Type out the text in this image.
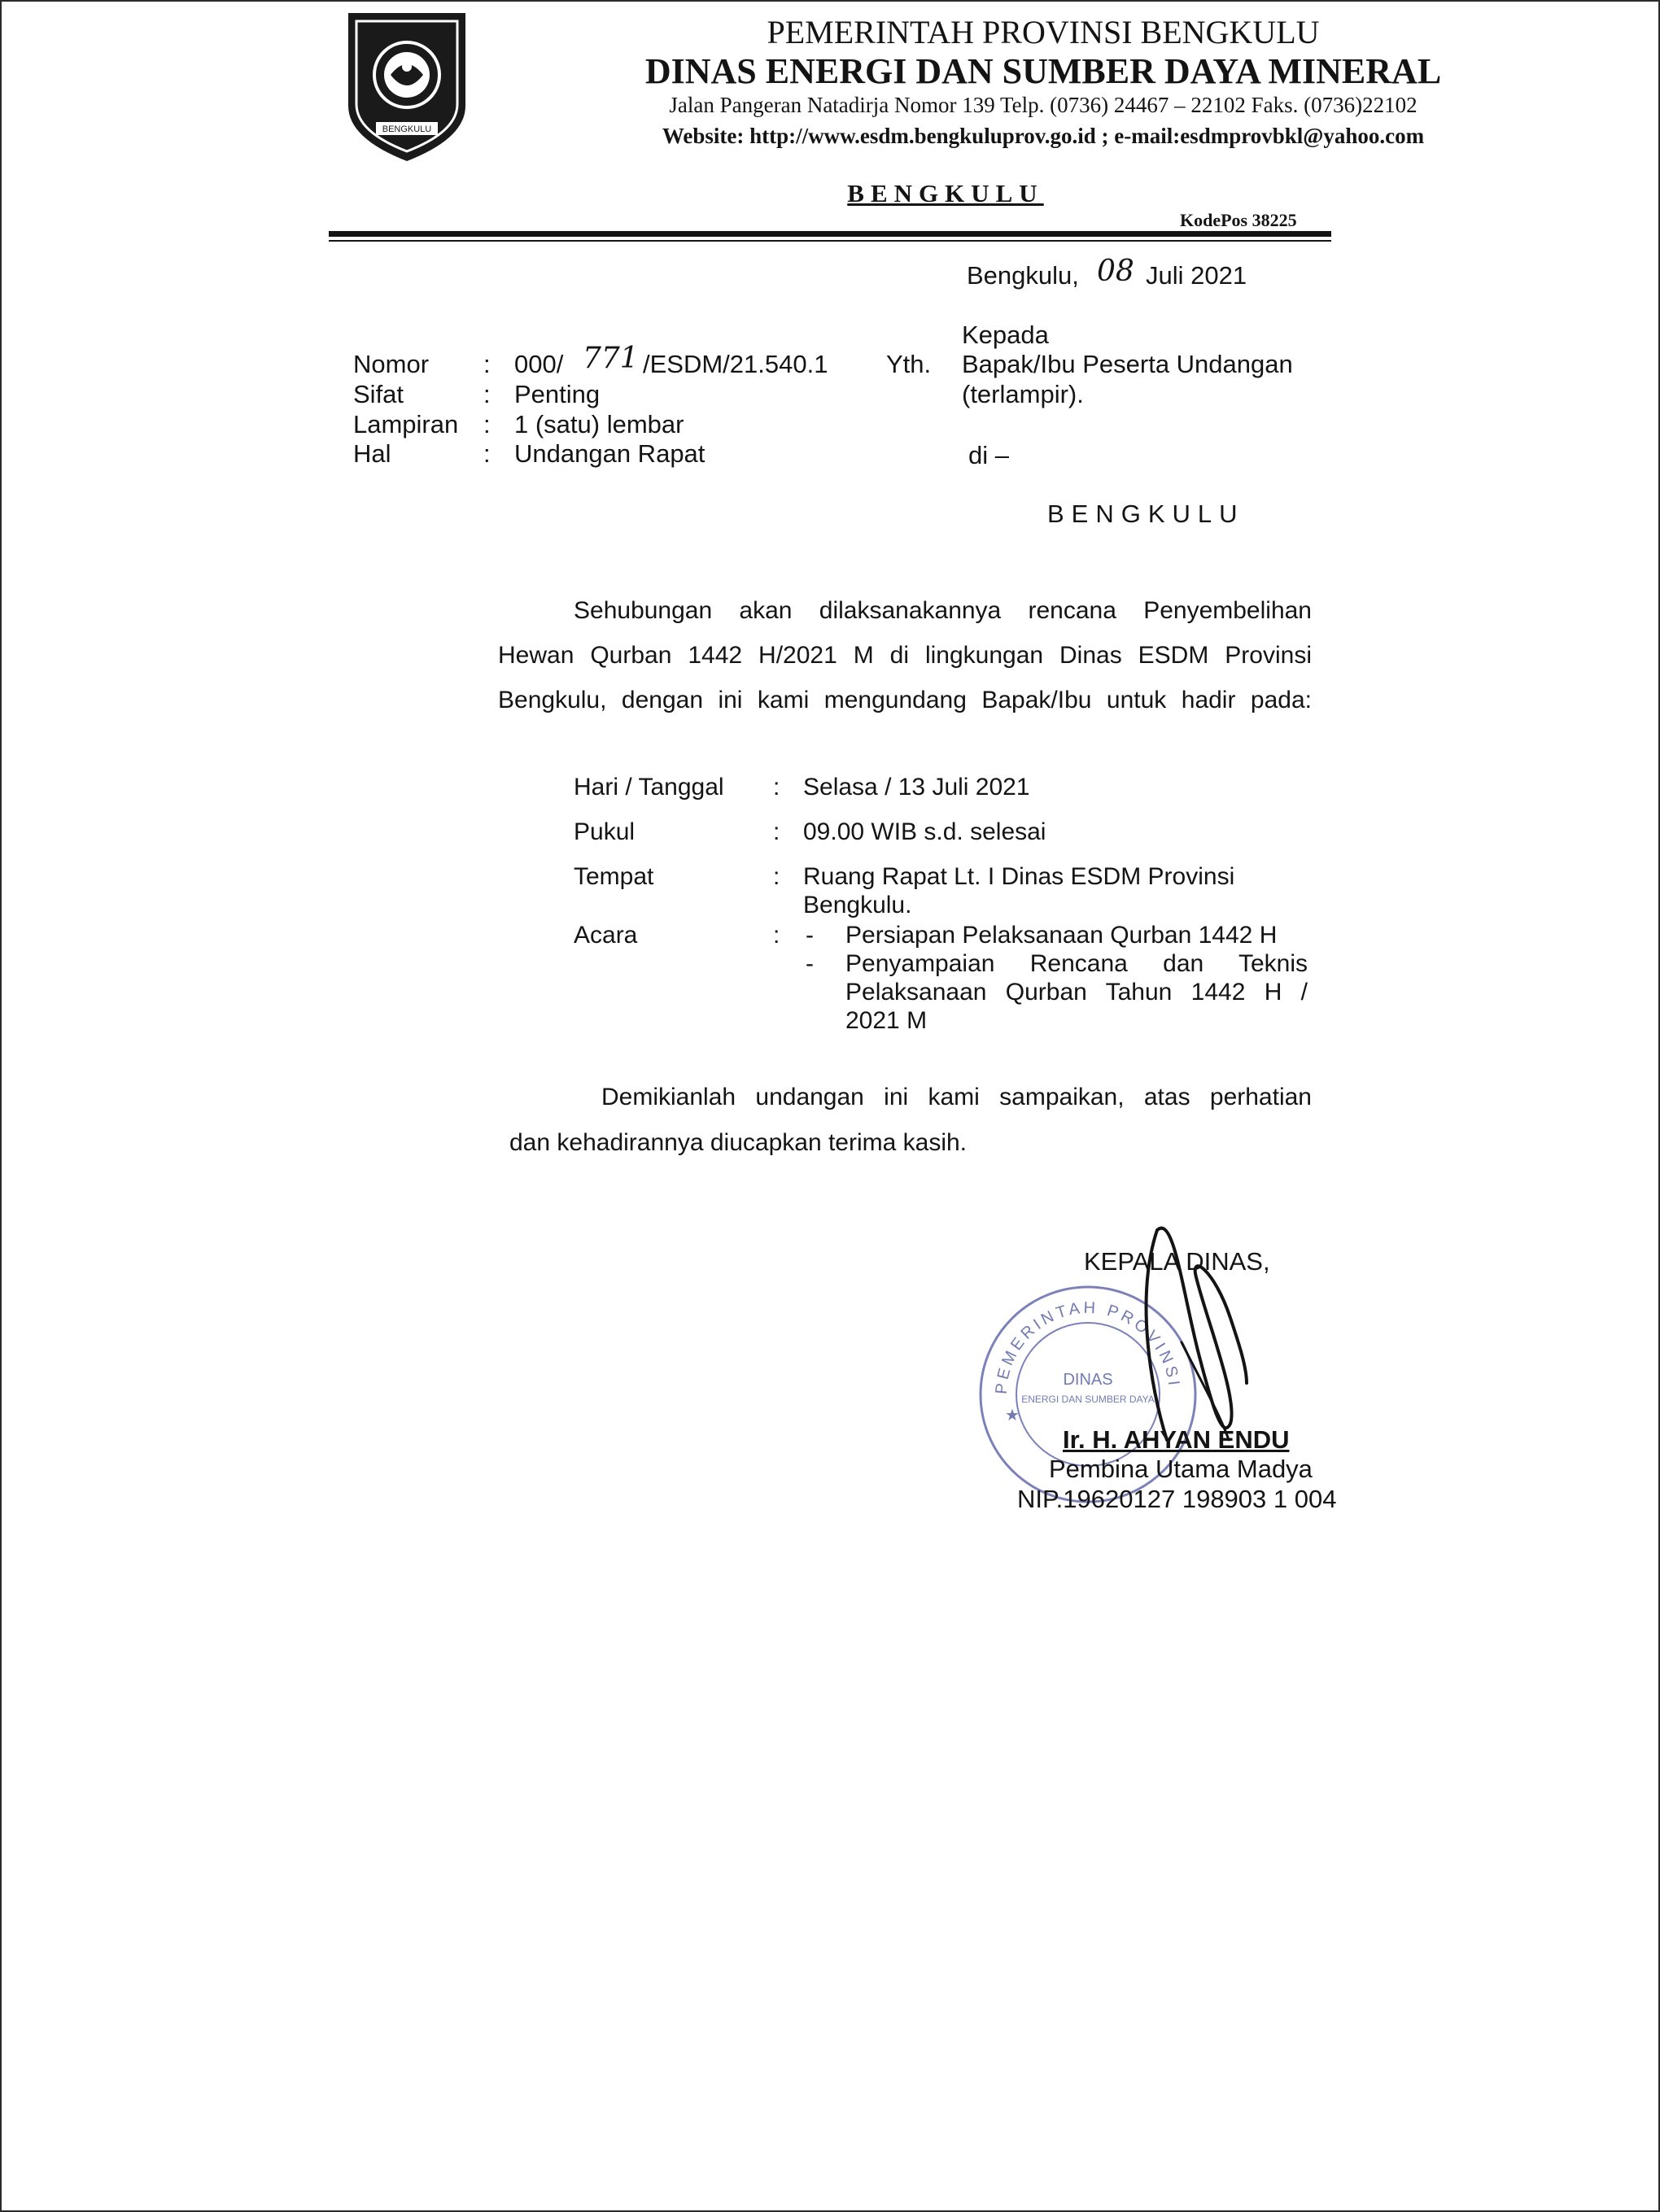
BENGKULU
PEMERINTAH PROVINSI BENGKULU
DINAS ENERGI DAN SUMBER DAYA MINERAL
Jalan Pangeran Natadirja Nomor 139 Telp. (0736) 24467 – 22102 Faks. (0736)22102
Website: http://www.esdm.bengkuluprov.go.id ; e-mail:esdmprovbkl@yahoo.com
BENGKULU
KodePos 38225
Bengkulu, 08 Juli 2021
Kepada
Yth. Bapak/Ibu Peserta Undangan
(terlampir).
di –
BENGKULU
Nomor : 000/ 771 /ESDM/21.540.1
Sifat	: Penting
Lampiran : 1 (satu) lembar
Hal	: Undangan Rapat
Sehubungan akan dilaksanakannya rencana Penyembelihan
Hewan Qurban 1442 H/2021 M di lingkungan Dinas ESDM Provinsi
Bengkulu, dengan ini kami mengundang Bapak/Ibu untuk hadir pada:
Hari / Tanggal : Selasa / 13 Juli 2021
Pukul	: 09.00 WIB s.d. selesai
Tempat	: Ruang Rapat Lt. I Dinas ESDM Provinsi
Bengkulu.
Acara	: - Persiapan Pelaksanaan Qurban 1442 H
- Penyampaian Rencana dan Teknis
Pelaksanaan Qurban Tahun 1442 H /
2021 M
Demikianlah undangan ini kami sampaikan, atas perhatian
dan kehadirannya diucapkan terima kasih.
PEMERINTAH PROVINSI
DINAS
ENERGI DAN SUMBER DAYA
★
KEPALA DINAS,
Ir. H. AHYAN ENDU
Pembina Utama Madya
NIP.19620127 198903 1 004
